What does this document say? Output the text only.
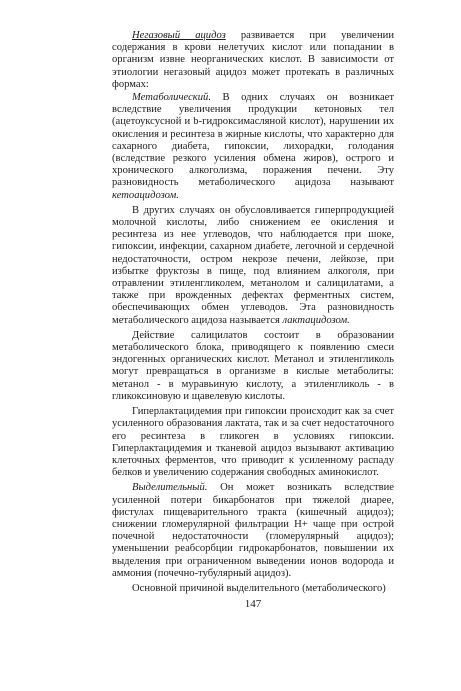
Негазовый ацидоз развивается при увеличении содержания в крови нелетучих кислот или попадании в организм извне неорганических кислот. В зависимости от этиологии негазовый ацидоз может протекать в различных формах:

Метаболический. В одних случаях он возникает вследствие увеличения продукции кетоновых тел (ацетоуксусной и b-гидроксимасляной кислот), нарушении их окисления и ресинтеза в жирные кислоты, что характерно для сахарного диабета, гипоксии, лихорадки, голодания (вследствие резкого усиления обмена жиров), острого и хронического алкоголизма, поражения печени. Эту разновидность метаболического ацидоза называют кетоацидозом.

В других случаях он обусловливается гиперпродукцией молочной кислоты, либо снижением ее окисления и ресинтеза из нее углеводов, что наблюдается при шоке, гипоксии, инфекции, сахарном диабете, легочной и сердечной недостаточности, остром некрозе печени, лейкозе, при избытке фруктозы в пище, под влиянием алкоголя, при отравлении этиленгликолем, метанолом и салицилатами, а также при врожденных дефектах ферментных систем, обеспечивающих обмен углеводов. Эта разновидность метаболического ацидоза называется лактацидозом.

Действие салицилатов состоит в образовании метаболического блока, приводящего к появлению смеси эндогенных органических кислот. Метанол и этиленгликоль могут превращаться в организме в кислые метаболиты: метанол - в муравьиную кислоту, а этиленгликоль - в гликоксиновую и щавелевую кислоты.

Гиперлактацидемия при гипоксии происходит как за счет усиленного образования лактата, так и за счет недостаточного его ресинтеза в гликоген в условиях гипоксии. Гиперлактацидемия и тканевой ацидоз вызывают активацию клеточных ферментов, что приводит к усиленному распаду белков и увеличению содержания свободных аминокислот.

Выделительный. Он может возникать вследствие усиленной потери бикарбонатов при тяжелой диарее, фистулах пищеварительного тракта (кишечный ацидоз); снижении гломерулярной фильтрации H+ чаще при острой почечной недостаточности (гломерулярный ацидоз); уменьшении реабсорбции гидрокарбонатов, повышении их выделения при ограниченном выведении ионов водорода и аммония (почечно-тубулярный ацидоз).

Основной причиной выделительного (метаболического)

147
